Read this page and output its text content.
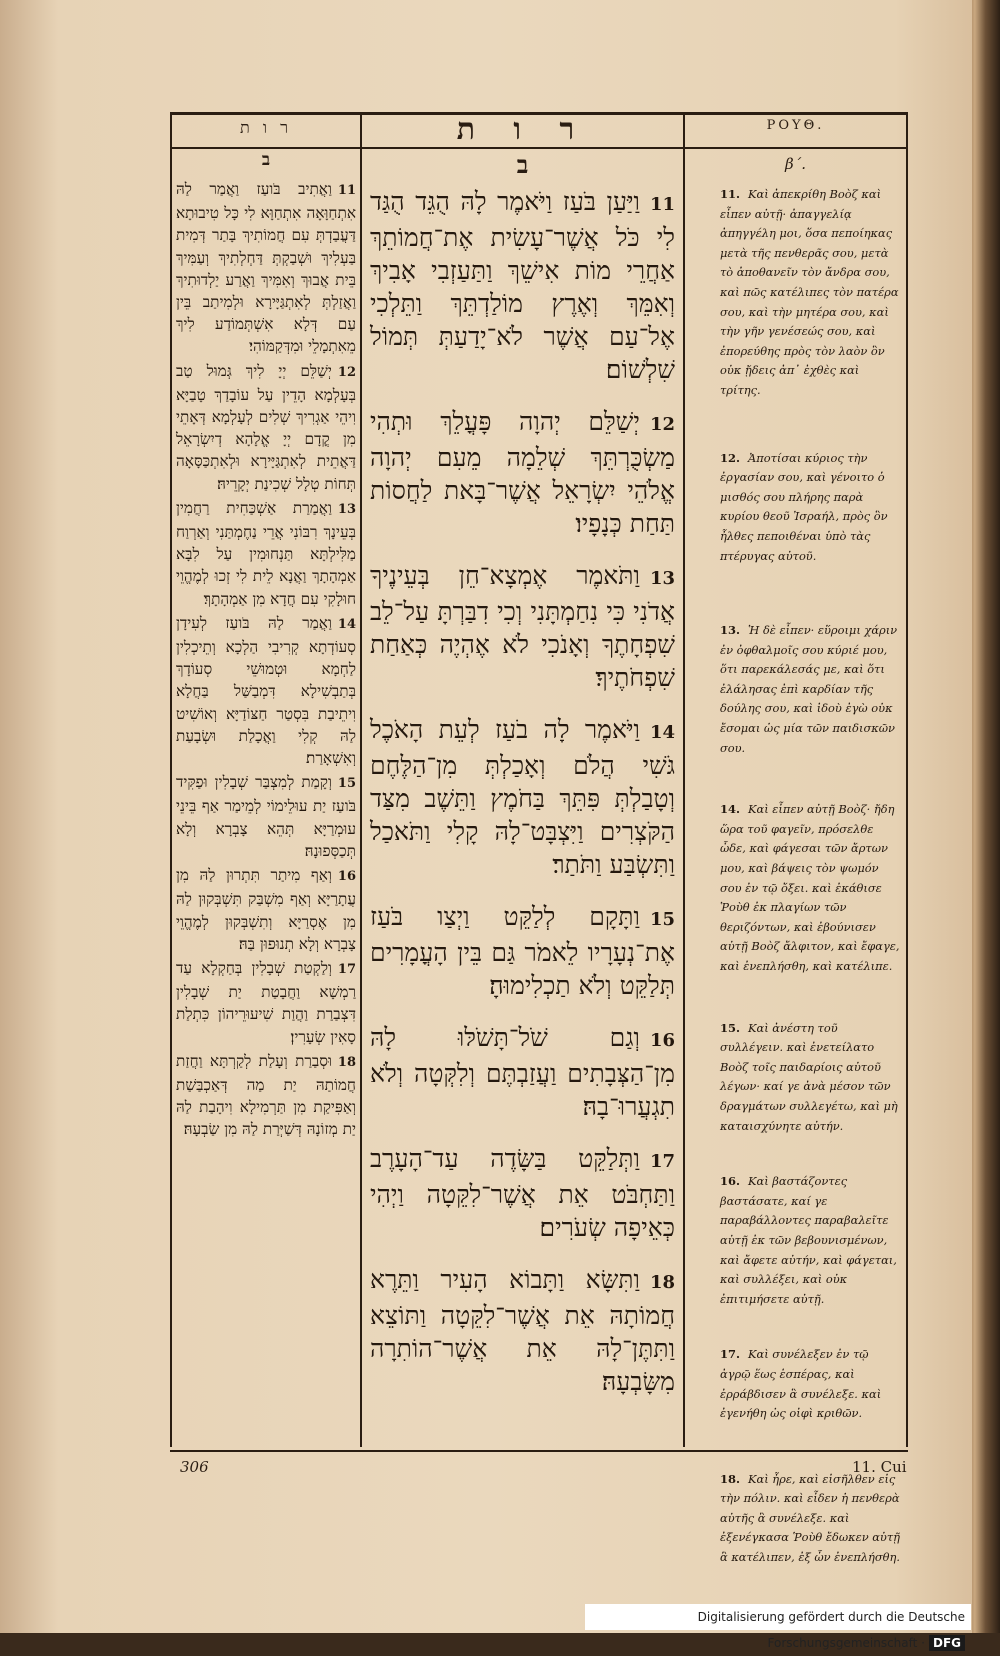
ר ו ת	ר ו ת	ΡΟΥΘ.
ב	ב	β΄.
11וַאֲתִיב בֹּועַז וַאֲמַר לַהּ אִתְחַוָּאָה אִתְחַוָּא לִי כָּל טִיבוּתָא דַּעֲבַדְתְּ עִם חֲמוֹתִיךְ בָּתַר דְּמִית בַּעְלִיךְ וּשְׁבַקְתְּ דַּחְלְתִיךְ וְעַמִּיךְ בֵּית אֲבוּךְ וְאִמִּיךְ וַאֲרַע יַלְדוּתִיךְ וַאֲזַלְתְּ לְאִתְגַּיָּירָא וּלְמִיתַב בֵּין עַם דְּלָא אִשְׁתְּמוֹדַע לִיךְ מֵאִתְמָלֵי וּמִדְּקַמּוֹהִי׃
12יְשַׁלֵּם יְיָ לִיךְ גְּמוּל טַב בְּעָלְמָא הָדֵין עַל עוֹבָדַךְ טָבַיָּא וִיהֵי אַגְרִיךְ שְׁלִים לְעָלְמָא דְּאָתֵי מִן קֳדָם יְיָ אֱלָהָא דְיִשְׂרָאֵל דַּאֲתֵית לְאִתְגַּיָּירָא וּלְאִתְכַּסָּאָה תְּחוֹת טְלָל שְׁכִינַת יְקָרֵיהּ׃
13וַאֲמַרַת אַשְׁכַּחִית רַחֲמִין בְּעֵינָךְ רִבּוֹנִי אֲרֵי נַחֶמְתַּנִי וְאַרְוַח מַלִּילְתָּא תַּנְחוּמִין עַל לִבָּא אַמְהָתָךְ וַאֲנָא לֵית לִי זְכוּ לְמֶהֱוֵי חוּלָקִי עִם חֲדָא מִן אַמְהָתָךְ׃
14וַאֲמַר לַהּ בֹּועַז לְעִידָן סְעוֹדְתָא קְרִיבִי הַלְכָא וְתֵיכְלִין לַחְמָא וּטְמוּשֵׁי סְעוֹדָךְ בְּתַבְשִׁילָא דִּמְבַשַּׁל בַּחֲלָא וִיתֵיבַת בִּסְטַר חַצּוֹדַיָּא וְאוֹשִׁיט לַהּ קְלִי וַאֲכָלַת וּשְׂבָעַת וְאִשְׁאָרַת׃
15וְקָמַת לְמִצְבַּר שְׁבָלִין וּפַקִּיד בֹּועַז יַת עוּלֵימוֹי לְמֵימַר אַף בֵּינֵי עוּמְרַיָּא תְּהֵא צָבְרָא וְלָא תְּכַסְּפוּנָהּ׃
16וְאַף מִיתַר תִּתְרוּן לַהּ מִן עֲתָרַיָּא וְאַף מִשְׁבַּק תִּשְׁבְּקוּן לַהּ מִן אֶסְרַיָּא וְתִשְׁבְּקוּן לְמֶהֱוֵי צָבְרָא וְלָא תְנוּפוּן בַּהּ׃
17וְלַקְטַת שְׁבָלִין בְּחַקְלָא עַד רַמְשָׁא וַחֲבָטַת יַת שְׁבָלִין דִּצְבַרַת וַהֲוַת שִׁיעוּרֵיהוֹן כִּתְלַת סָאִין שְׂעָרִין׃
18וּסְבַרַת וְעָלַת לְקַרְתָּא וַחֲזַת חֲמוֹתַהּ יַת מַה דְּאַכְבַּשַׁת וְאַפִּיקַת מִן תַּרְמִילָא וִיהָבַת לַהּ יַת מְזוֹנָהּ דְּשַׁיְּרַת לַהּ מִן שַׂבְעָהּ׃
11וַיַּעַן בֹּעַז וַיֹּאמֶר לָהּ הֻגֵּד הֻגַּד לִי כֹּל אֲשֶׁר־עָשִׂית אֶת־חֲמוֹתֵךְ אַחֲרֵי מוֹת אִישֵׁךְ וַתַּעַזְבִי אָבִיךְ וְאִמֵּךְ וְאֶרֶץ מוֹלַדְתֵּךְ וַתֵּלְכִי אֶל־עַם אֲשֶׁר לֹא־יָדַעַתְּ תְּמוֹל שִׁלְשׁוֹם׃
12יְשַׁלֵּם יְהוָה פָּעֳלֵךְ וּתְהִי מַשְׂכֻּרְתֵּךְ שְׁלֵמָה מֵעִם יְהוָה אֱלֹהֵי יִשְׂרָאֵל אֲשֶׁר־בָּאת לַחֲסוֹת תַּחַת כְּנָפָיו׃
13וַתֹּאמֶר אֶמְצָא־חֵן בְּעֵינֶיךָ אֲדֹנִי כִּי נִחַמְתָּנִי וְכִי דִבַּרְתָּ עַל־לֵב שִׁפְחָתֶךָ וְאָנֹכִי לֹא אֶהְיֶה כְּאַחַת שִׁפְחֹתֶיךָ׃
14וַיֹּאמֶר לָה בֹעַז לְעֵת הָאֹכֶל גֹּשִׁי הֲלֹם וְאָכַלְתְּ מִן־הַלֶּחֶם וְטָבַלְתְּ פִּתֵּךְ בַּחֹמֶץ וַתֵּשֶׁב מִצַּד הַקֹּצְרִים וַיִּצְבָּט־לָהּ קָלִי וַתֹּאכַל וַתִּשְׂבַּע וַתֹּתַר׃
15וַתָּקָם לְלַקֵּט וַיְצַו בֹּעַז אֶת־נְעָרָיו לֵאמֹר גַּם בֵּין הָעֳמָרִים תְּלַקֵּט וְלֹא תַכְלִימוּהָ׃
16וְגַם שֹׁל־תָּשֹׁלּוּ לָהּ מִן־הַצְּבָתִים וַעֲזַבְתֶּם וְלִקְּטָה וְלֹא תִגְעֲרוּ־בָהּ׃
17וַתְּלַקֵּט בַּשָּׂדֶה עַד־הָעָרֶב וַתַּחְבֹּט אֵת אֲשֶׁר־לִקֵּטָה וַיְהִי כְּאֵיפָה שְׂעֹרִים׃
18וַתִּשָּׂא וַתָּבוֹא הָעִיר וַתֵּרֶא חֲמוֹתָהּ אֵת אֲשֶׁר־לִקֵּטָה וַתּוֹצֵא וַתִּתֶּן־לָהּ אֵת אֲשֶׁר־הוֹתִרָה מִשָּׂבְעָהּ׃
11. Καὶ ἀπεκρίθη Βοὸζ καὶ εἶπεν αὐτῇ· ἀπαγγελίᾳ ἀπηγγέλη μοι, ὅσα πεποίηκας μετὰ τῆς πενθερᾶς σου, μετὰ τὸ ἀποθανεῖν τὸν ἄνδρα σου, καὶ πῶς κατέλιπες τὸν πατέρα σου, καὶ τὴν μητέρα σου, καὶ τὴν γῆν γενέσεώς σου, καὶ ἐπορεύθης πρὸς τὸν λαὸν ὃν οὐκ ᾔδεις ἀπ᾿ ἐχθὲς καὶ τρίτης.
12. Ἀποτίσαι κύριος τὴν ἐργασίαν σου, καὶ γένοιτο ὁ μισθός σου πλήρης παρὰ κυρίου θεοῦ Ἰσραήλ, πρὸς ὃν ἦλθες πεποιθέναι ὑπὸ τὰς πτέρυγας αὐτοῦ.
13. Ἡ δὲ εἶπεν· εὕροιμι χάριν ἐν ὀφθαλμοῖς σου κύριέ μου, ὅτι παρεκάλεσάς με, καὶ ὅτι ἐλάλησας ἐπὶ καρδίαν τῆς δούλης σου, καὶ ἰδοὺ ἐγὼ οὐκ ἔσομαι ὡς μία τῶν παιδισκῶν σου.
14. Καὶ εἶπεν αὐτῇ Βοὸζ· ἤδη ὥρα τοῦ φαγεῖν, πρόσελθε ὧδε, καὶ φάγεσαι τῶν ἄρτων μου, καὶ βάψεις τὸν ψωμόν σου ἐν τῷ ὄξει. καὶ ἐκάθισε Ῥοὺθ ἐκ πλαγίων τῶν θεριζόντων, καὶ ἐβούνισεν αὐτῇ Βοὸζ ἄλφιτον, καὶ ἔφαγε, καὶ ἐνεπλήσθη, καὶ κατέλιπε.
15. Καὶ ἀνέστη τοῦ συλλέγειν. καὶ ἐνετείλατο Βοὸζ τοῖς παιδαρίοις αὐτοῦ λέγων· καί γε ἀνὰ μέσον τῶν δραγμάτων συλλεγέτω, καὶ μὴ καταισχύνητε αὐτήν.
16. Καὶ βαστάζοντες βαστάσατε, καί γε παραβάλλοντες παραβαλεῖτε αὐτῇ ἐκ τῶν βεβουνισμένων, καὶ ἄφετε αὐτήν, καὶ φάγεται, καὶ συλλέξει, καὶ οὐκ ἐπιτιμήσετε αὐτῇ.
17. Καὶ συνέλεξεν ἐν τῷ ἀγρῷ ἕως ἑσπέρας, καὶ ἐρράβδισεν ἃ συνέλεξε. καὶ ἐγενήθη ὡς οἰφὶ κριθῶν.
18. Καὶ ἦρε, καὶ εἰσῆλθεν εἰς τὴν πόλιν. καὶ εἶδεν ἡ πενθερὰ αὐτῆς ἃ συνέλεξε. καὶ ἐξενέγκασα Ῥοὺθ ἔδωκεν αὐτῇ ἃ κατέλιπεν, ἐξ ὧν ἐνεπλήσθη.
306	11. Cui
Digitalisierung gefördert durch die Deutsche Forschungsgemeinschaft · DFG
